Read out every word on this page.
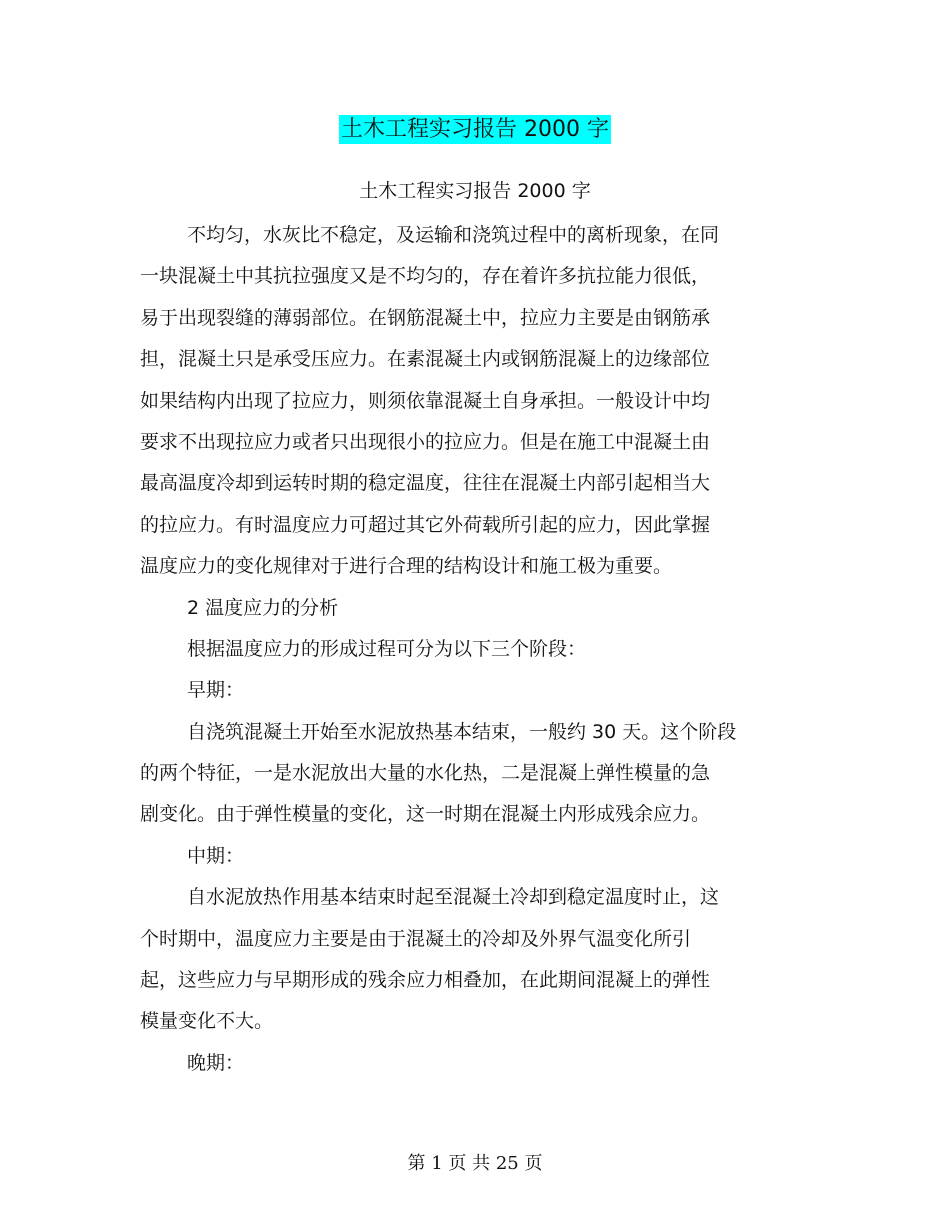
土木工程实习报告 2000 字
土木工程实习报告 2000 字
不均匀，水灰比不稳定，及运输和浇筑过程中的离析现象，在同
一块混凝土中其抗拉强度又是不均匀的，存在着许多抗拉能力很低，
易于出现裂缝的薄弱部位。在钢筋混凝土中，拉应力主要是由钢筋承
担，混凝土只是承受压应力。在素混凝土内或钢筋混凝上的边缘部位
如果结构内出现了拉应力，则须依靠混凝土自身承担。一般设计中均
要求不出现拉应力或者只出现很小的拉应力。但是在施工中混凝土由
最高温度冷却到运转时期的稳定温度，往往在混凝土内部引起相当大
的拉应力。有时温度应力可超过其它外荷载所引起的应力，因此掌握
温度应力的变化规律对于进行合理的结构设计和施工极为重要。
2 温度应力的分析
根据温度应力的形成过程可分为以下三个阶段：
早期：
自浇筑混凝土开始至水泥放热基本结束，一般约 30 天。这个阶段
的两个特征，一是水泥放出大量的水化热，二是混凝上弹性模量的急
剧变化。由于弹性模量的变化，这一时期在混凝土内形成残余应力。
中期：
自水泥放热作用基本结束时起至混凝土冷却到稳定温度时止，这
个时期中，温度应力主要是由于混凝土的冷却及外界气温变化所引
起，这些应力与早期形成的残余应力相叠加，在此期间混凝上的弹性
模量变化不大。
晚期：
第 1 页 共 25 页
